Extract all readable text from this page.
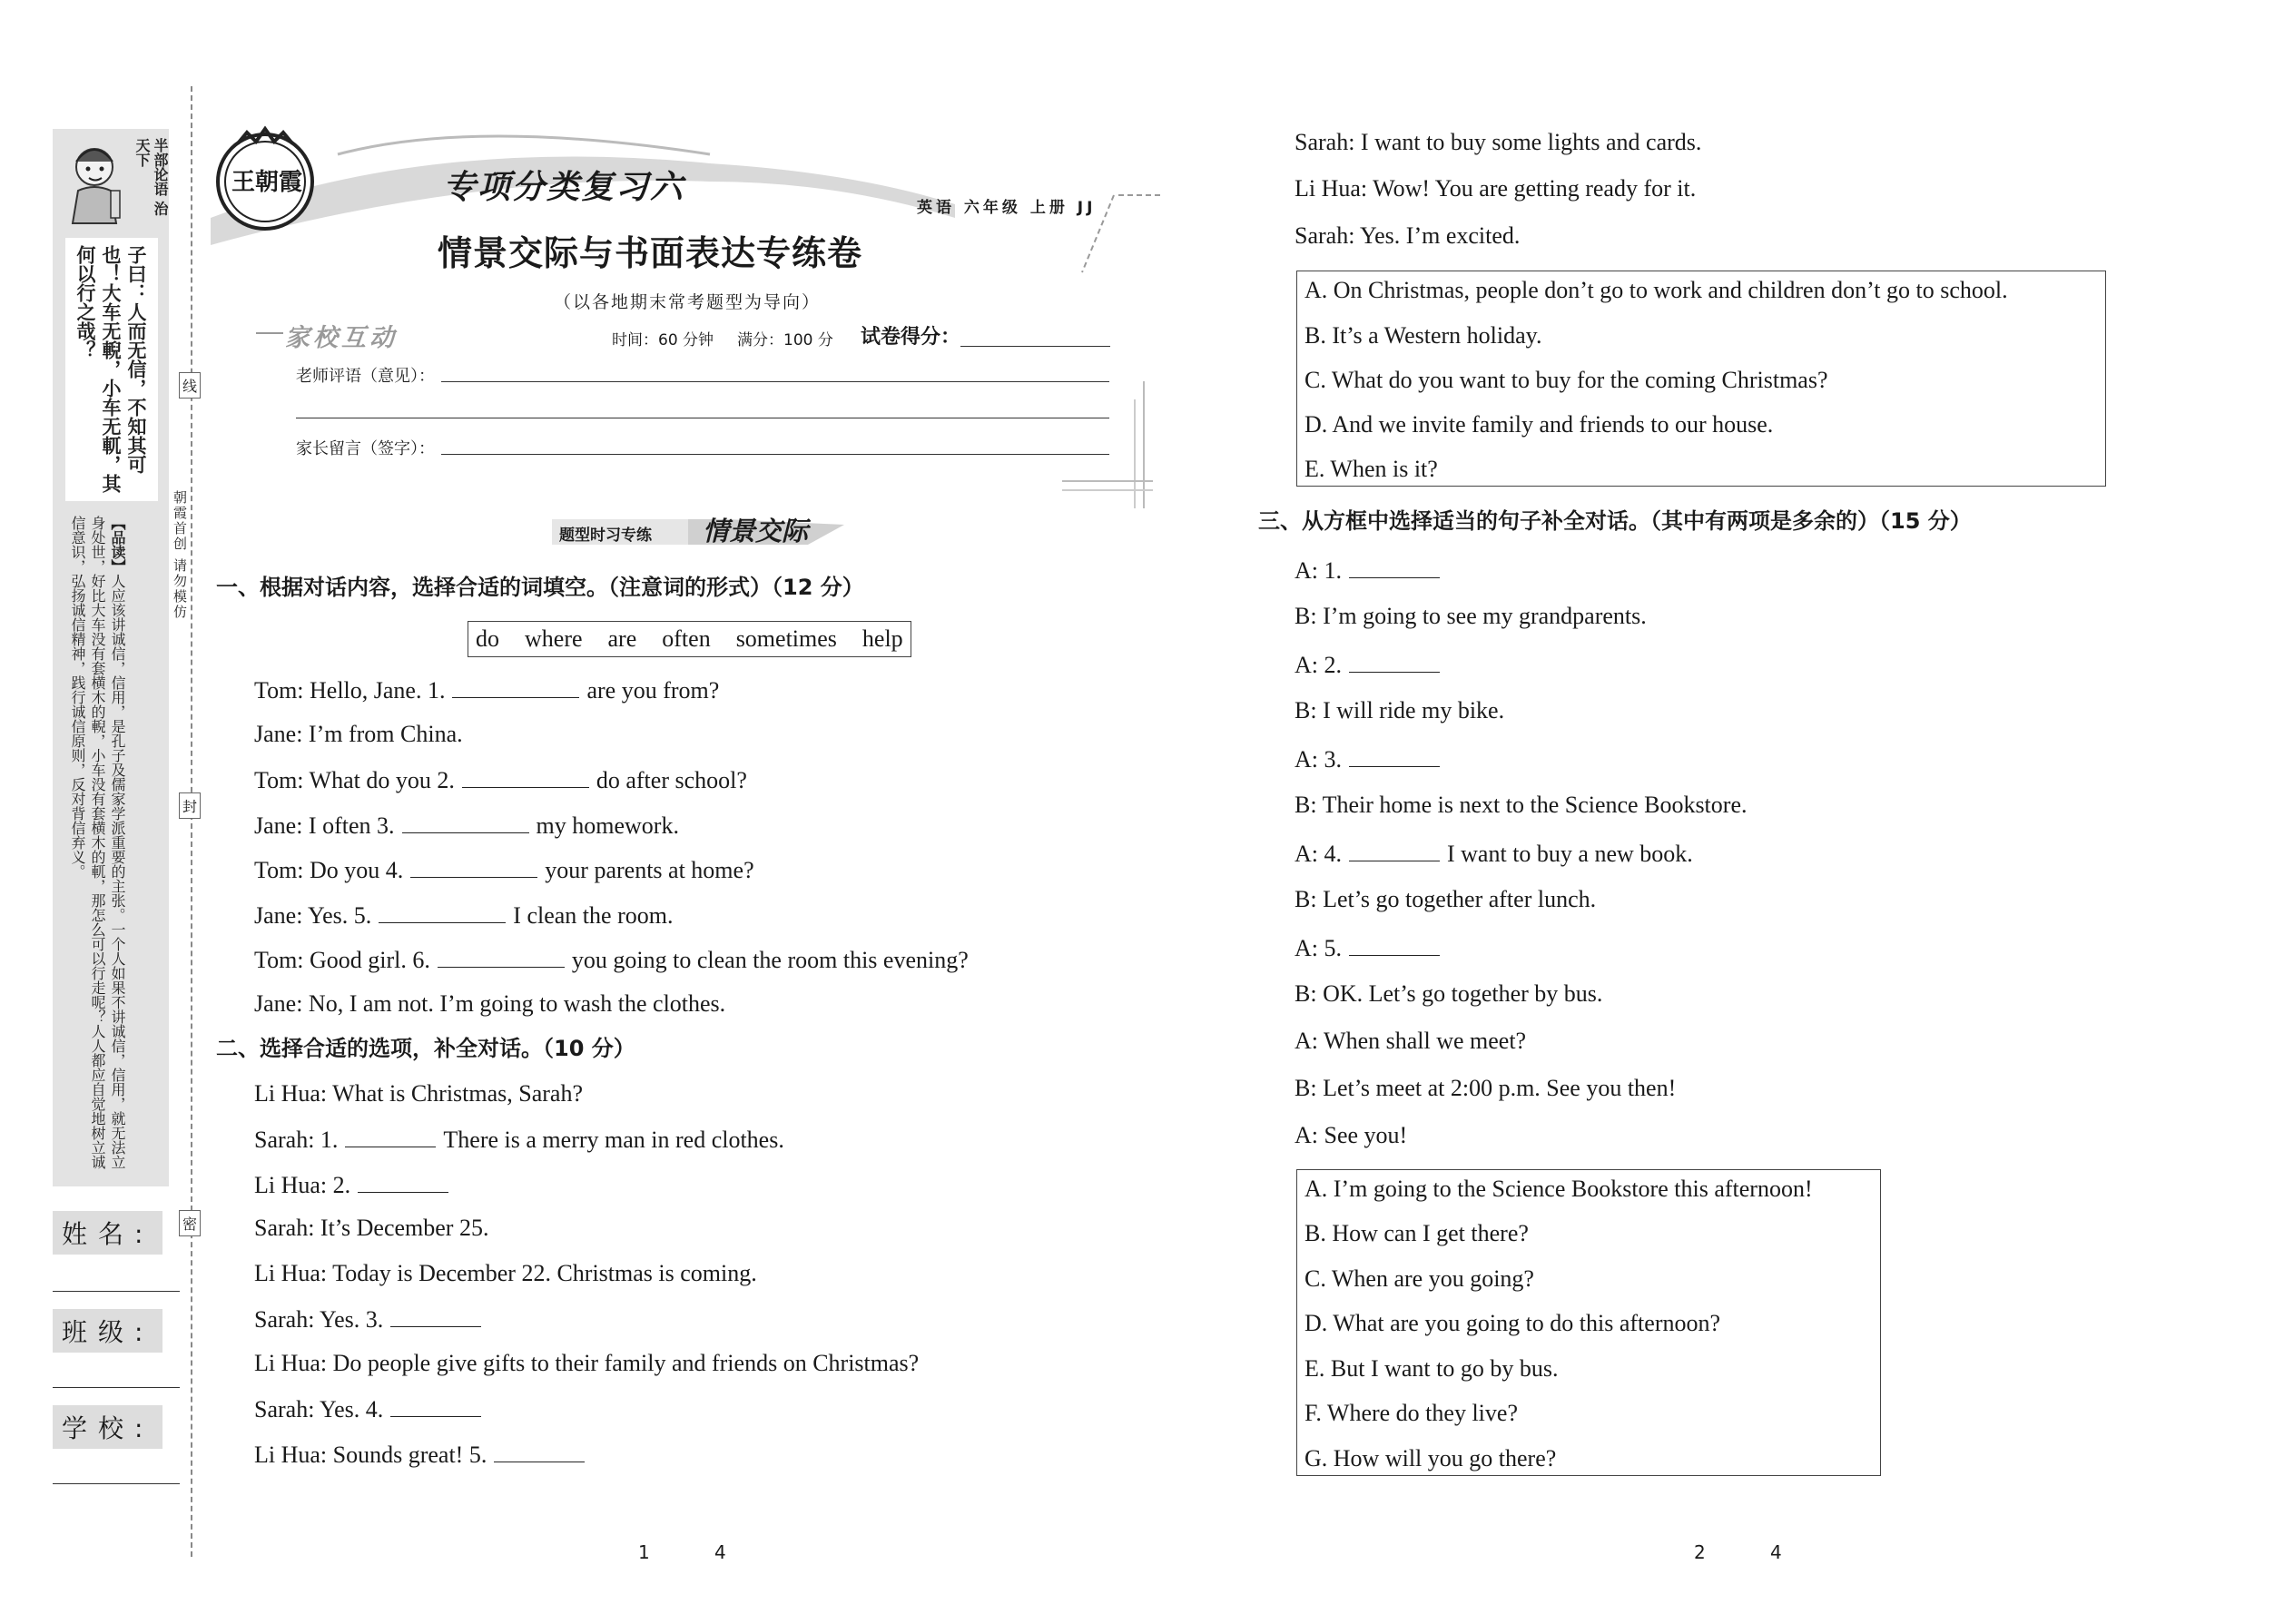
半部论语 治天下
子曰：人而无信，不知其可也！大车无輗，小车无軏，其何以行之哉？
【品读】人应该讲诚信，信用，是孔子及儒家学派重要的主张。一个人如果不讲诚信，信用，就无法立身处世，好比大车没有套横木的輗，小车没有套横木的軏，那怎么可以行走呢？人人都应自觉地树立诚信意识，弘扬诚信精神，践行诚信原则，反对背信弃义。
姓名:
班级:
学校:
线
封
密
朝霞首创 请勿模仿
王朝霞	专项分类复习六
英语 六年级 上册 JJ
情景交际与书面表达专练卷
（以各地期末常考题型为导向）
家校互动	时间：60 分钟 满分：100 分 试卷得分：
老师评语（意见）：
家长留言（签字）：
题型时习专练 情景交际
一、根据对话内容，选择合适的词填空。（注意词的形式）（12 分）
do where are often sometimes help
Tom: Hello, Jane. 1.	are you from?
Jane: I’m from China.
Tom: What do you 2.	do after school?
Jane: I often 3.	my homework.
Tom: Do you 4.	your parents at home?
Jane: Yes. 5.	I clean the room.
Tom: Good girl. 6.	you going to clean the room this evening?
Jane: No, I am not. I’m going to wash the clothes.
二、选择合适的选项，补全对话。（10 分）
Li Hua: What is Christmas, Sarah?
Sarah: 1.	There is a merry man in red clothes.
Li Hua: 2.
Sarah: It’s December 25.
Li Hua: Today is December 22. Christmas is coming.
Sarah: Yes. 3.
Li Hua: Do people give gifts to their family and friends on Christmas?
Sarah: Yes. 4.
Li Hua: Sounds great! 5.
Sarah: I want to buy some lights and cards.
Li Hua: Wow! You are getting ready for it.
Sarah: Yes. I’m excited.
A. On Christmas, people don’t go to work and children don’t go to school.
B. It’s a Western holiday.
C. What do you want to buy for the coming Christmas?
D. And we invite family and friends to our house.
E. When is it?
三、从方框中选择适当的句子补全对话。（其中有两项是多余的）（15 分）
A: 1.
B: I’m going to see my grandparents.
A: 2.
B: I will ride my bike.
A: 3.
B: Their home is next to the Science Bookstore.
A: 4.	I want to buy a new book.
B: Let’s go together after lunch.
A: 5.
B: OK. Let’s go together by bus.
A: When shall we meet?
B: Let’s meet at 2:00 p.m. See you then!
A: See you!
A. I’m going to the Science Bookstore this afternoon!
B. How can I get there?
C. When are you going?
D. What are you going to do this afternoon?
E. But I want to go by bus.
F. Where do they live?
G. How will you go there?
1	4	2	4
